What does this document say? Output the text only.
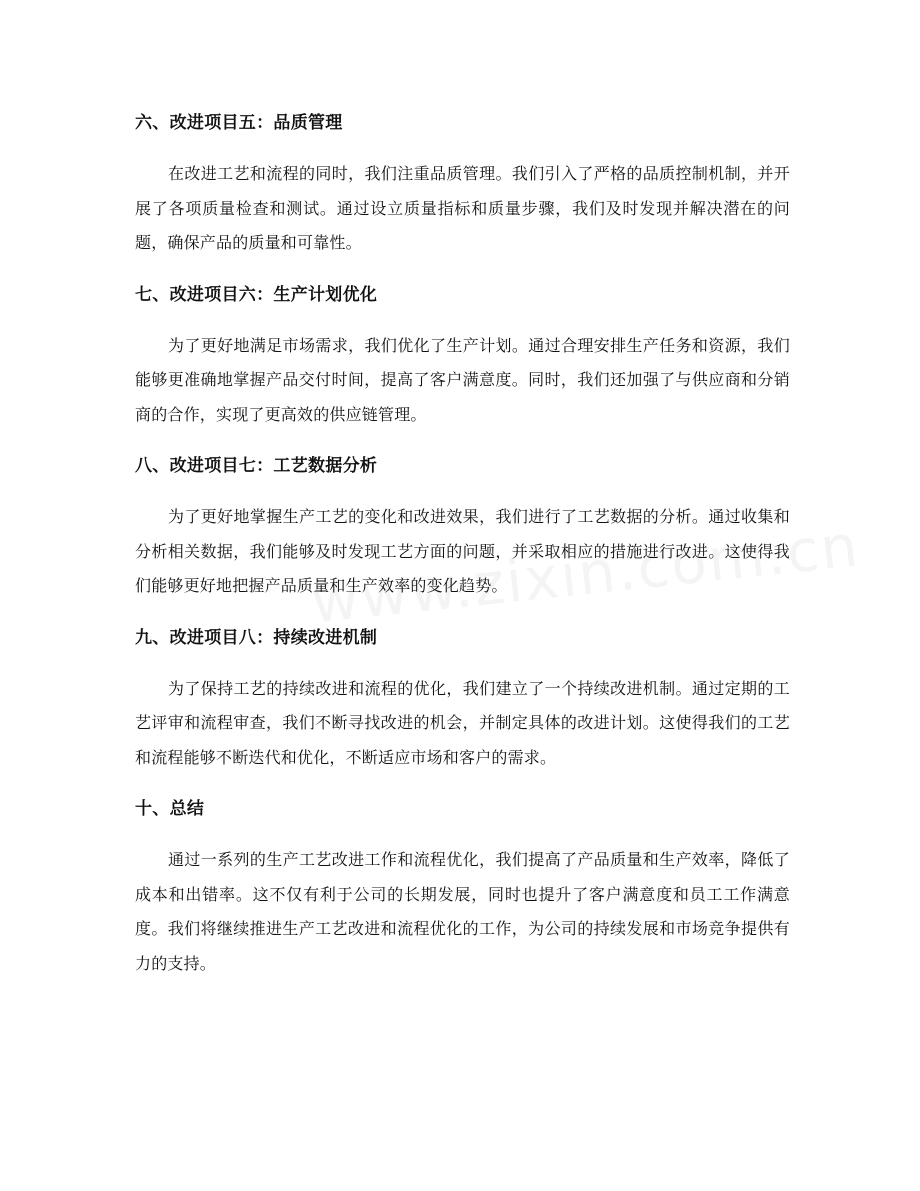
六、改进项目五：品质管理

在改进工艺和流程的同时，我们注重品质管理。我们引入了严格的品质控制机制，并开展了各项质量检查和测试。通过设立质量指标和质量步骤，我们及时发现并解决潜在的问题，确保产品的质量和可靠性。

七、改进项目六：生产计划优化

为了更好地满足市场需求，我们优化了生产计划。通过合理安排生产任务和资源，我们能够更准确地掌握产品交付时间，提高了客户满意度。同时，我们还加强了与供应商和分销商的合作，实现了更高效的供应链管理。

八、改进项目七：工艺数据分析

为了更好地掌握生产工艺的变化和改进效果，我们进行了工艺数据的分析。通过收集和分析相关数据，我们能够及时发现工艺方面的问题，并采取相应的措施进行改进。这使得我们能够更好地把握产品质量和生产效率的变化趋势。

九、改进项目八：持续改进机制

为了保持工艺的持续改进和流程的优化，我们建立了一个持续改进机制。通过定期的工艺评审和流程审查，我们不断寻找改进的机会，并制定具体的改进计划。这使得我们的工艺和流程能够不断迭代和优化，不断适应市场和客户的需求。

十、总结

通过一系列的生产工艺改进工作和流程优化，我们提高了产品质量和生产效率，降低了成本和出错率。这不仅有利于公司的长期发展，同时也提升了客户满意度和员工工作满意度。我们将继续推进生产工艺改进和流程优化的工作，为公司的持续发展和市场竞争提供有力的支持。
